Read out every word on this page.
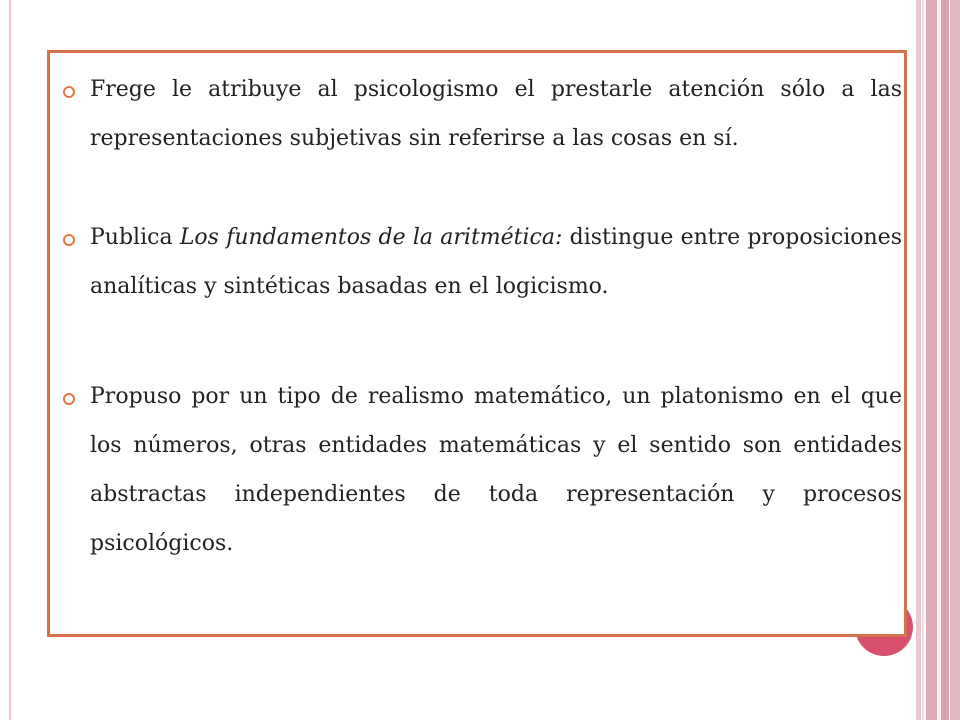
Frege le atribuye al psicologismo el prestarle atención sólo a las representaciones subjetivas sin referirse a las cosas en sí.

Publica Los fundamentos de la aritmética: distingue entre proposiciones analíticas y sintéticas basadas en el logicismo.

Propuso por un tipo de realismo matemático, un platonismo en el que los números, otras entidades matemáticas y el sentido son entidades abstractas independientes de toda representación y procesos psicológicos.
